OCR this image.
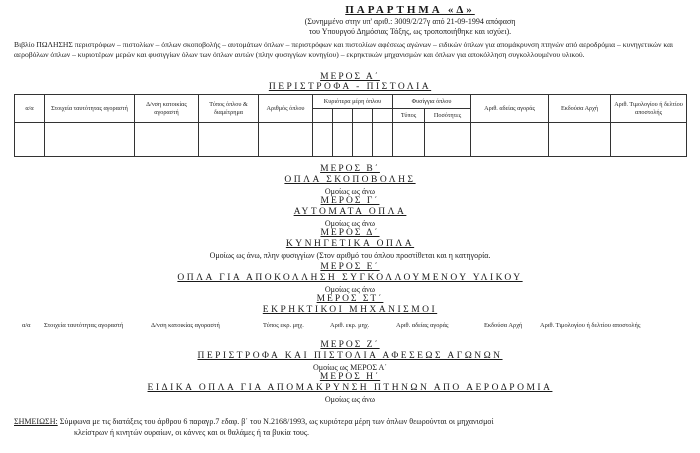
ΠΑΡΑΡΤΗΜΑ «Δ»
(Συνημμένο στην υπ' αριθ.: 3009/2/27γ από 21-09-1994 απόφαση
του Υπουργού Δημόσιας Τάξης, ως τροποποιήθηκε και ισχύει).
Βιβλίο ΠΩΛΗΣΗΣ περιστρόφων – πιστολίων – όπλων σκοποβολής – αυτομάτων όπλων – περιστρόφων και πιστολίων αφέσεως αγώνων – ειδικών όπλων για απομάκρυνση πτηνών από αεροδρόμια – κυνηγετικών και αεροβόλων όπλων – κυριοτέρων μερών και φυσιγγίων όλων των όπλων αυτών (πλην φυσιγγίων κυνηγίου) – εκρηκτικών μηχανισμών και όπλων για αποκόλληση συγκολλουμένου υλικού.
ΜΕΡΟΣ Α΄
ΠΕΡΙΣΤΡΟΦΑ - ΠΙΣΤΟΛΙΑ
α/α	Στοιχεία ταυτότητας αγοραστή	Δ/νση κατοικίας αγοραστή	Τύπος όπλου & διαμέτρημα	Αριθμός όπλου	Κυριότερα μέρη όπλου				Φυσίγγια όπλου		Αριθ. αδείας αγοράς	Εκδούσα Αρχή	Αριθ. Τιμολογίου ή δελτίου αποστολής
									Τύπος	Ποσότητες			

ΜΕΡΟΣ Β΄
ΟΠΛΑ ΣΚΟΠΟΒΟΛΗΣ
Ομοίως ως άνω
ΜΕΡΟΣ Γ΄
ΑΥΤΟΜΑΤΑ ΟΠΛΑ
Ομοίως ως άνω
ΜΕΡΟΣ Δ΄
ΚΥΝΗΓΕΤΙΚΑ ΟΠΛΑ
Ομοίως ως άνω, πλην φυσιγγίων (Στον αριθμό του όπλου προστίθεται και η κατηγορία.
ΜΕΡΟΣ Ε΄
ΟΠΛΑ ΓΙΑ ΑΠΟΚΟΛΛΗΣΗ ΣΥΓΚΟΛΛΟΥΜΕΝΟΥ ΥΛΙΚΟΥ
Ομοίως ως άνω
ΜΕΡΟΣ ΣΤ΄
ΕΚΡΗΚΤΙΚΟΙ ΜΗΧΑΝΙΣΜΟΙ
α/α Στοιχεία ταυτότητας αγοραστή	Δ/νση κατοικίας αγοραστή	Τύπος εκρ. μηχ.	Αριθ. εκρ. μηχ.	Αριθ. αδείας αγοράς	Εκδούσα Αρχή	Αριθ. Τιμολογίου ή δελτίου αποστολής
ΜΕΡΟΣ Ζ΄
ΠΕΡΙΣΤΡΟΦΑ ΚΑΙ ΠΙΣΤΟΛΙΑ ΑΦΕΣΕΩΣ ΑΓΩΝΩΝ
Ομοίως ως ΜΕΡΟΣ Α΄
ΜΕΡΟΣ Η΄
ΕΙΔΙΚΑ ΟΠΛΑ ΓΙΑ ΑΠΟΜΑΚΡΥΝΣΗ ΠΤΗΝΩΝ ΑΠΟ ΑΕΡΟΔΡΟΜΙΑ
Ομοίως ως άνω
ΣΗΜΕΙΩΣΗ: Σύμφωνα με τις διατάξεις του άρθρου 6 παραγρ.7 εδαφ. β΄ του Ν.2168/1993, ως κυριότερα μέρη των όπλων θεωρούνται οι μηχανισμοί
κλείστρων ή κινητών ουραίων, οι κάννες και οι θαλάμες ή τα βυκία τους.
